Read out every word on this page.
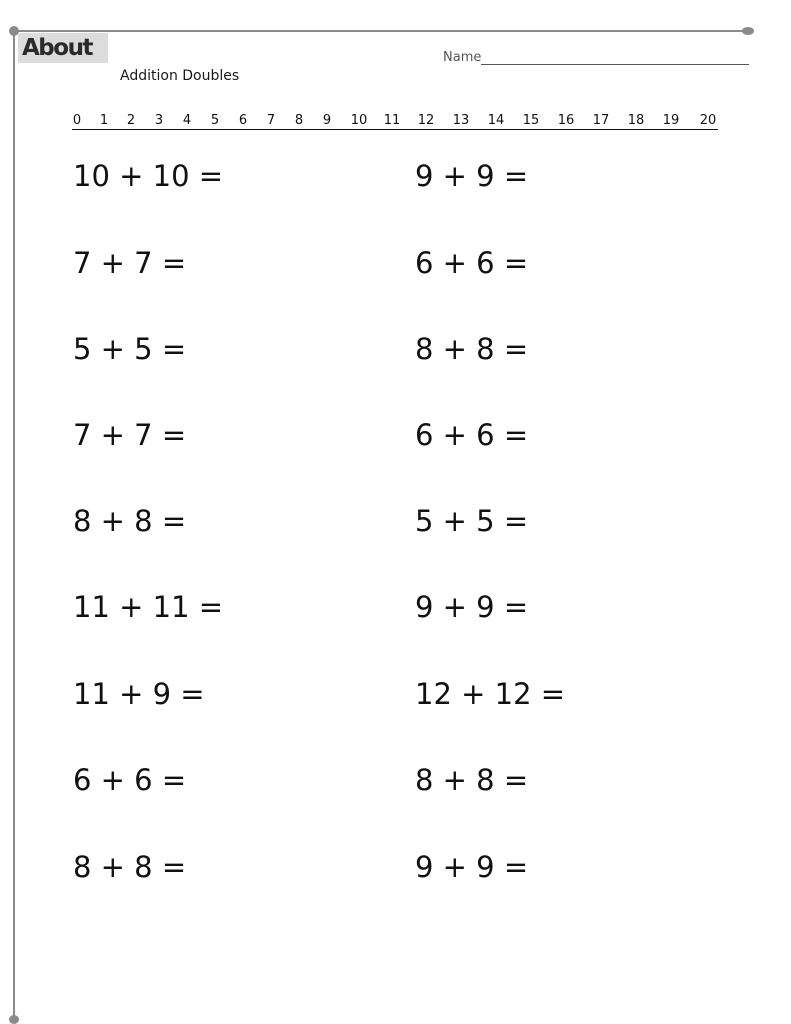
About
Addition Doubles
Name
0 1 2 3 4 5 6 7 8 9 10 11 12 13 14 15 16 17 18 19 20
10 + 10 =
7 + 7 =
5 + 5 =
7 + 7 =
8 + 8 =
11 + 11 =
11 + 9 =
6 + 6 =
8 + 8 =
9 + 9 =
6 + 6 =
8 + 8 =
6 + 6 =
5 + 5 =
9 + 9 =
12 + 12 =
8 + 8 =
9 + 9 =
